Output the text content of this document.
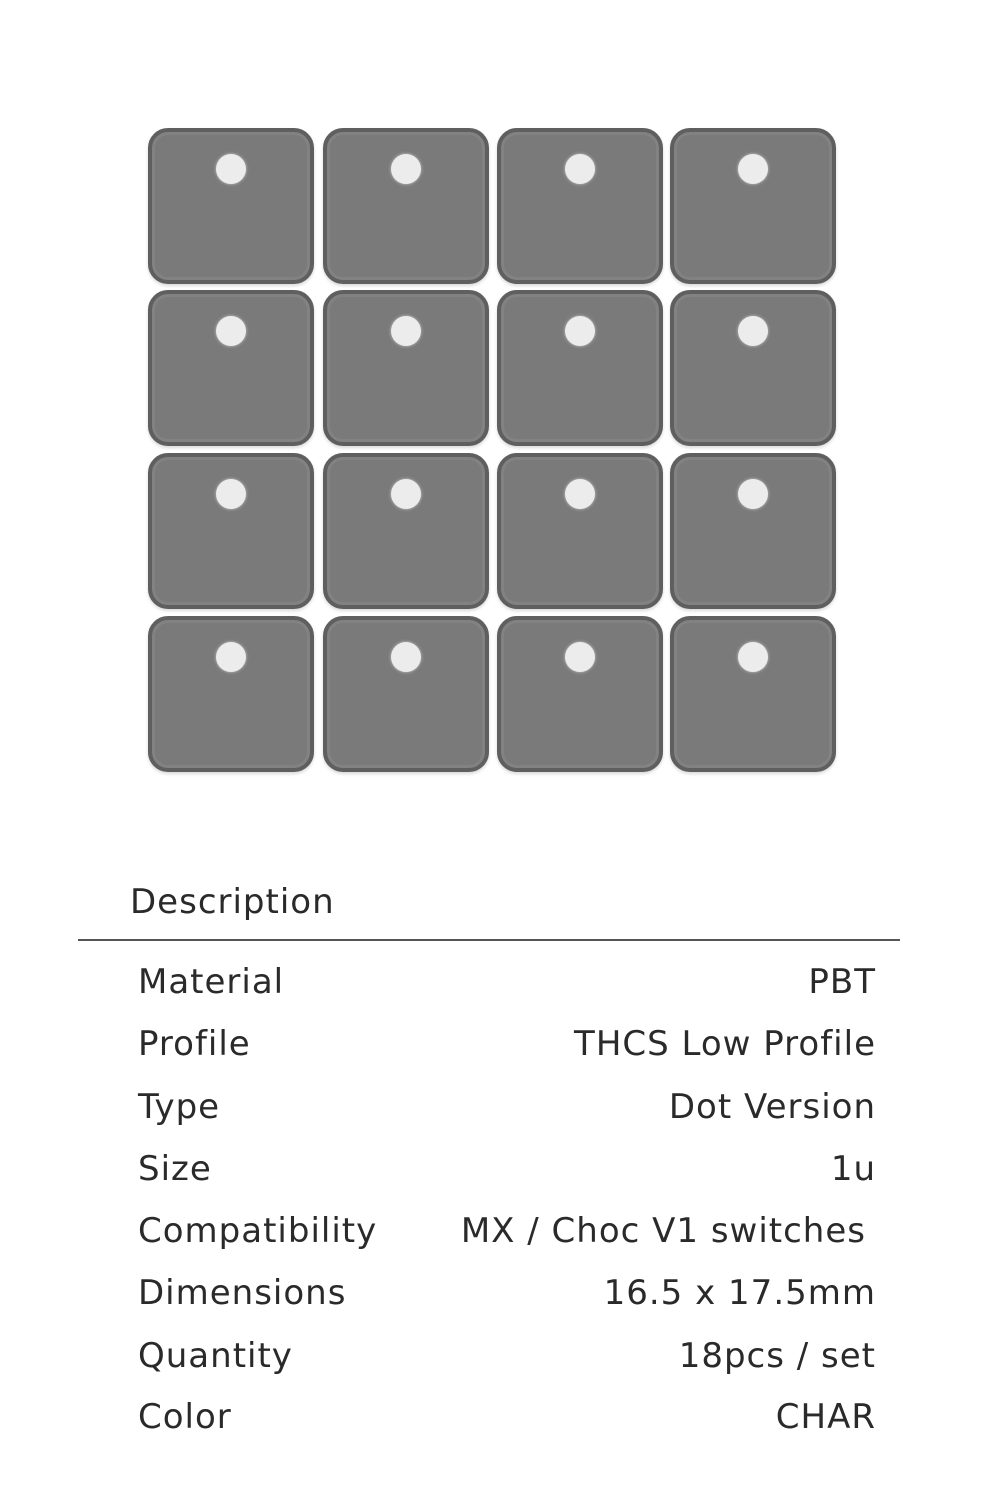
Description
Material	PBT
Profile	THCS Low Profile
Type	Dot Version
Size	1u
Compatibility MX / Choc V1 switches
Dimensions	16.5 x 17.5mm
Quantity	18pcs / set
Color	CHAR
